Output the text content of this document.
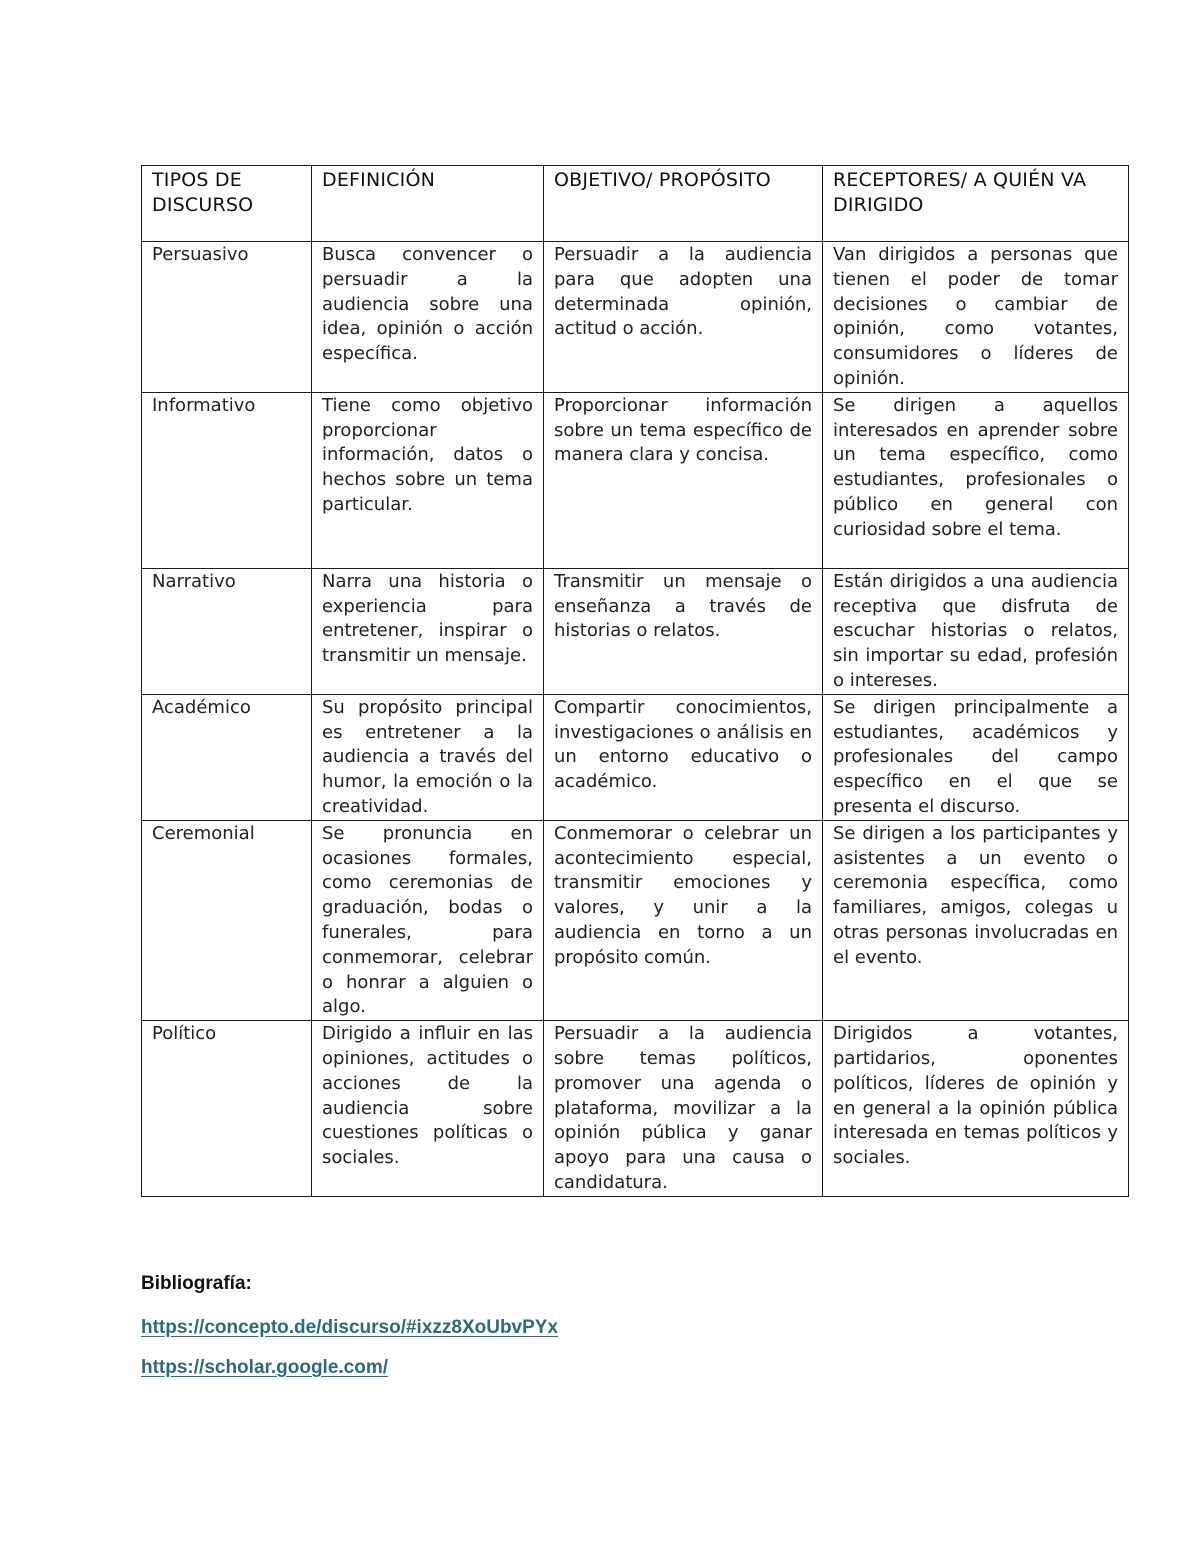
TIPOS DE DISCURSO	DEFINICIÓN	OBJETIVO/ PROPÓSITO	RECEPTORES/ A QUIÉN VA DIRIGIDO
Persuasivo	Busca convencer o persuadir a la audiencia sobre una idea, opinión o acción específica.	Persuadir a la audiencia para que adopten una determinada opinión, actitud o acción.	Van dirigidos a personas que tienen el poder de tomar decisiones o cambiar de opinión, como votantes, consumidores o líderes de opinión.
Informativo	Tiene como objetivo proporcionar información, datos o hechos sobre un tema particular.	Proporcionar información sobre un tema específico de manera clara y concisa.	Se dirigen a aquellos interesados en aprender sobre un tema específico, como estudiantes, profesionales o público en general con curiosidad sobre el tema.
Narrativo	Narra una historia o experiencia para entretener, inspirar o transmitir un mensaje.	Transmitir un mensaje o enseñanza a través de historias o relatos.	Están dirigidos a una audiencia receptiva que disfruta de escuchar historias o relatos, sin importar su edad, profesión o intereses.
Académico	Su propósito principal es entretener a la audiencia a través del humor, la emoción o la creatividad.	Compartir conocimientos, investigaciones o análisis en un entorno educativo o académico.	Se dirigen principalmente a estudiantes, académicos y profesionales del campo específico en el que se presenta el discurso.
Ceremonial	Se pronuncia en ocasiones formales, como ceremonias de graduación, bodas o funerales, para conmemorar, celebrar o honrar a alguien o algo.	Conmemorar o celebrar un acontecimiento especial, transmitir emociones y valores, y unir a la audiencia en torno a un propósito común.	Se dirigen a los participantes y asistentes a un evento o ceremonia específica, como familiares, amigos, colegas u otras personas involucradas en el evento.
Político	Dirigido a influir en las opiniones, actitudes o acciones de la audiencia sobre cuestiones políticas o sociales.	Persuadir a la audiencia sobre temas políticos, promover una agenda o plataforma, movilizar a la opinión pública y ganar apoyo para una causa o candidatura.	Dirigidos a votantes, partidarios, oponentes políticos, líderes de opinión y en general a la opinión pública interesada en temas políticos y sociales.
Bibliografía:
https://concepto.de/discurso/#ixzz8XoUbvPYx
https://scholar.google.com/
